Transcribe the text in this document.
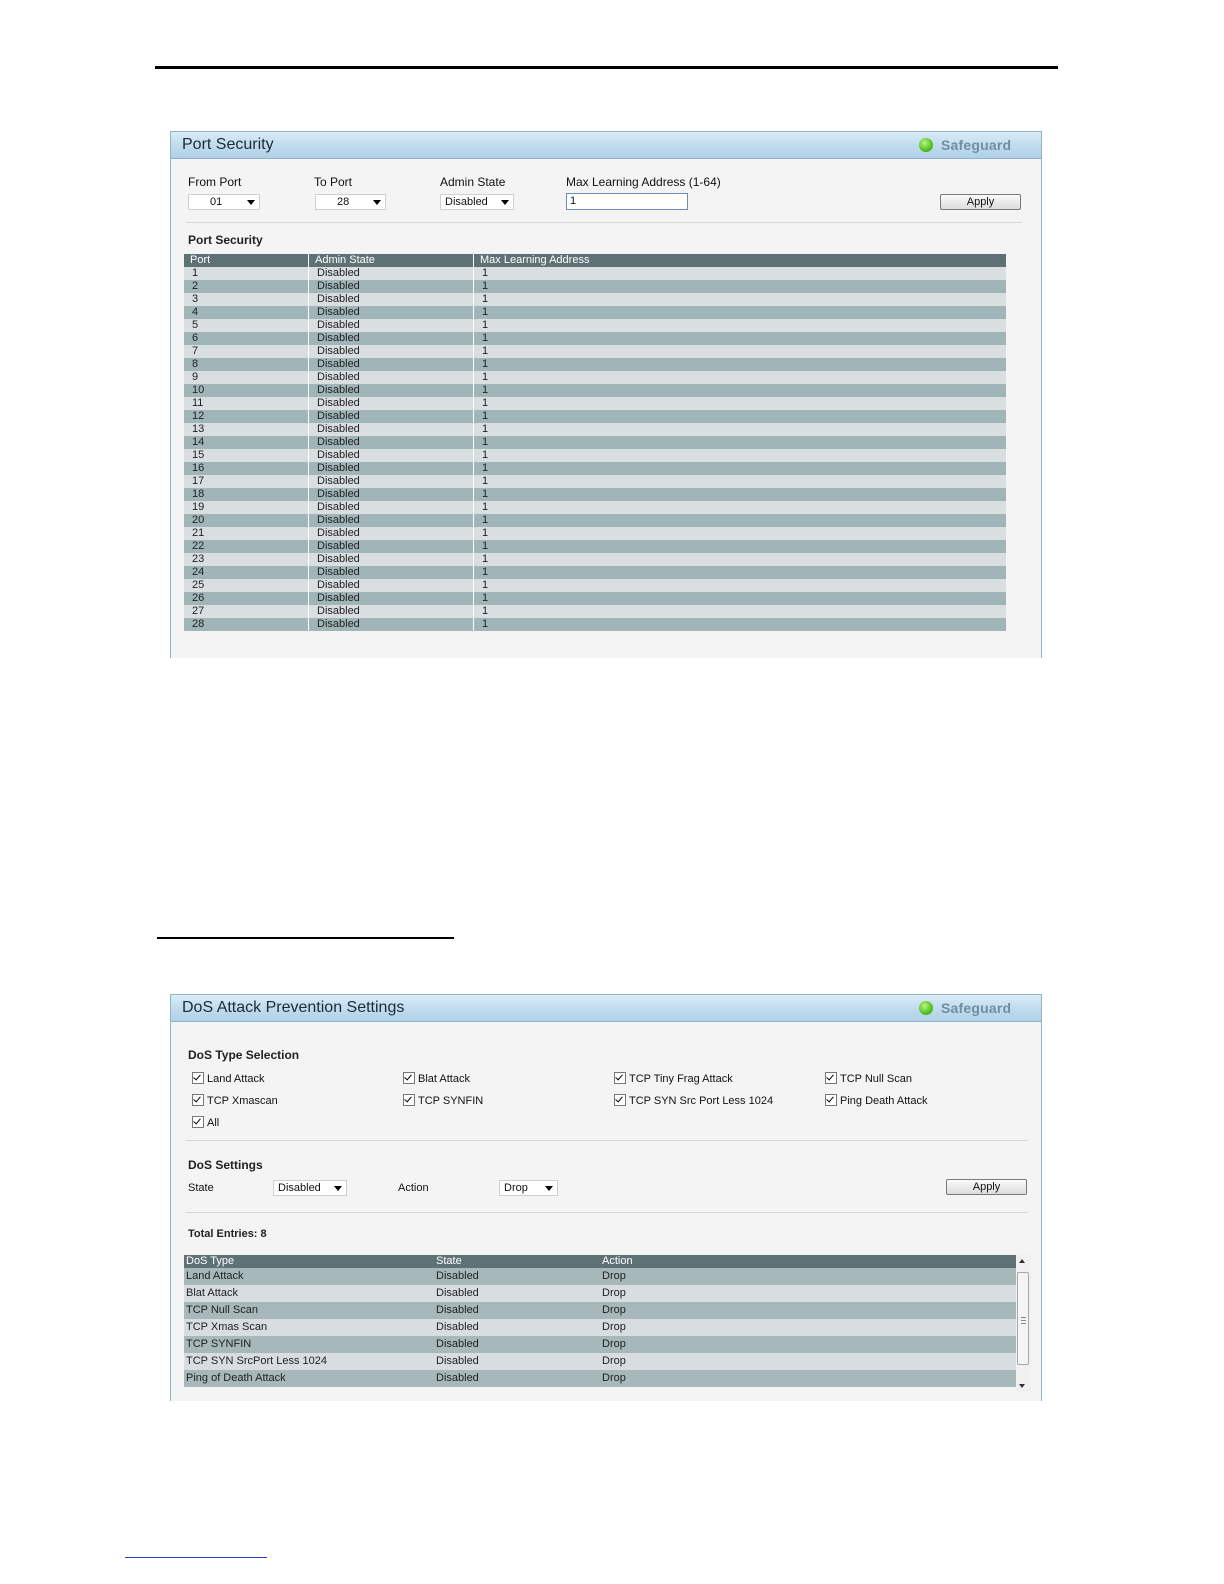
Port Security	Safeguard
From Port
01
To Port
28
Admin State
Disabled
Max Learning Address (1-64)
1	Apply
Port Security
Port	Admin State	Max Learning Address
1	Disabled	1
2	Disabled	1
3	Disabled	1
4	Disabled	1
5	Disabled	1
6	Disabled	1
7	Disabled	1
8	Disabled	1
9	Disabled	1
10	Disabled	1
11	Disabled	1
12	Disabled	1
13	Disabled	1
14	Disabled	1
15	Disabled	1
16	Disabled	1
17	Disabled	1
18	Disabled	1
19	Disabled	1
20	Disabled	1
21	Disabled	1
22	Disabled	1
23	Disabled	1
24	Disabled	1
25	Disabled	1
26	Disabled	1
27	Disabled	1
28	Disabled	1
DoS Attack Prevention Settings	Safeguard
DoS Type Selection
Land Attack	Blat Attack	TCP Tiny Frag Attack	TCP Null Scan
TCP Xmascan	TCP SYNFIN	TCP SYN Src Port Less 1024	Ping Death Attack
All
DoS Settings
State	Disabled	Action	Drop	Apply
Total Entries: 8
DoS Type	State	Action
Land Attack	Disabled	Drop
Blat Attack	Disabled	Drop
TCP Null Scan	Disabled	Drop
TCP Xmas Scan	Disabled	Drop
TCP SYNFIN	Disabled	Drop
TCP SYN SrcPort Less 1024	Disabled	Drop
Ping of Death Attack	Disabled	Drop
